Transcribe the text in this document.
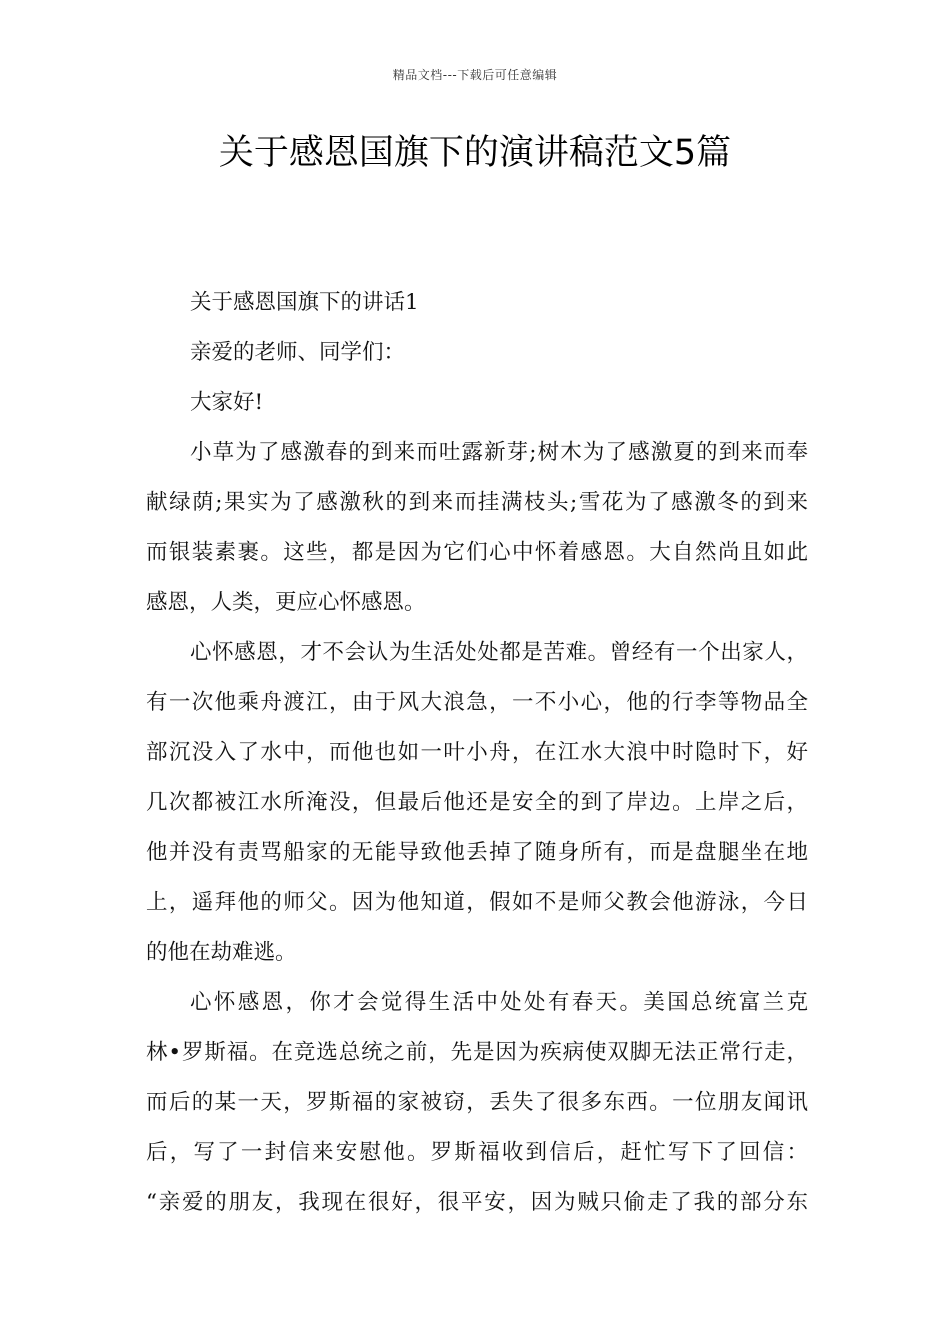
精品文档---下载后可任意编辑
关于感恩国旗下的演讲稿范文5篇
关于感恩国旗下的讲话1
亲爱的老师、同学们：
大家好!
小草为了感激春的到来而吐露新芽;树木为了感激夏的到来而奉
献绿荫;果实为了感激秋的到来而挂满枝头;雪花为了感激冬的到来
而银装素裹。这些，都是因为它们心中怀着感恩。大自然尚且如此
感恩，人类，更应心怀感恩。
心怀感恩，才不会认为生活处处都是苦难。曾经有一个出家人，
有一次他乘舟渡江，由于风大浪急，一不小心，他的行李等物品全
部沉没入了水中，而他也如一叶小舟，在江水大浪中时隐时下，好
几次都被江水所淹没，但最后他还是安全的到了岸边。上岸之后，
他并没有责骂船家的无能导致他丢掉了随身所有，而是盘腿坐在地
上，遥拜他的师父。因为他知道，假如不是师父教会他游泳，今日
的他在劫难逃。
心怀感恩，你才会觉得生活中处处有春天。美国总统富兰克
林•罗斯福。在竞选总统之前，先是因为疾病使双脚无法正常行走，
而后的某一天，罗斯福的家被窃，丢失了很多东西。一位朋友闻讯
后，写了一封信来安慰他。罗斯福收到信后，赶忙写下了回信：
“亲爱的朋友，我现在很好，很平安，因为贼只偷走了我的部分东
